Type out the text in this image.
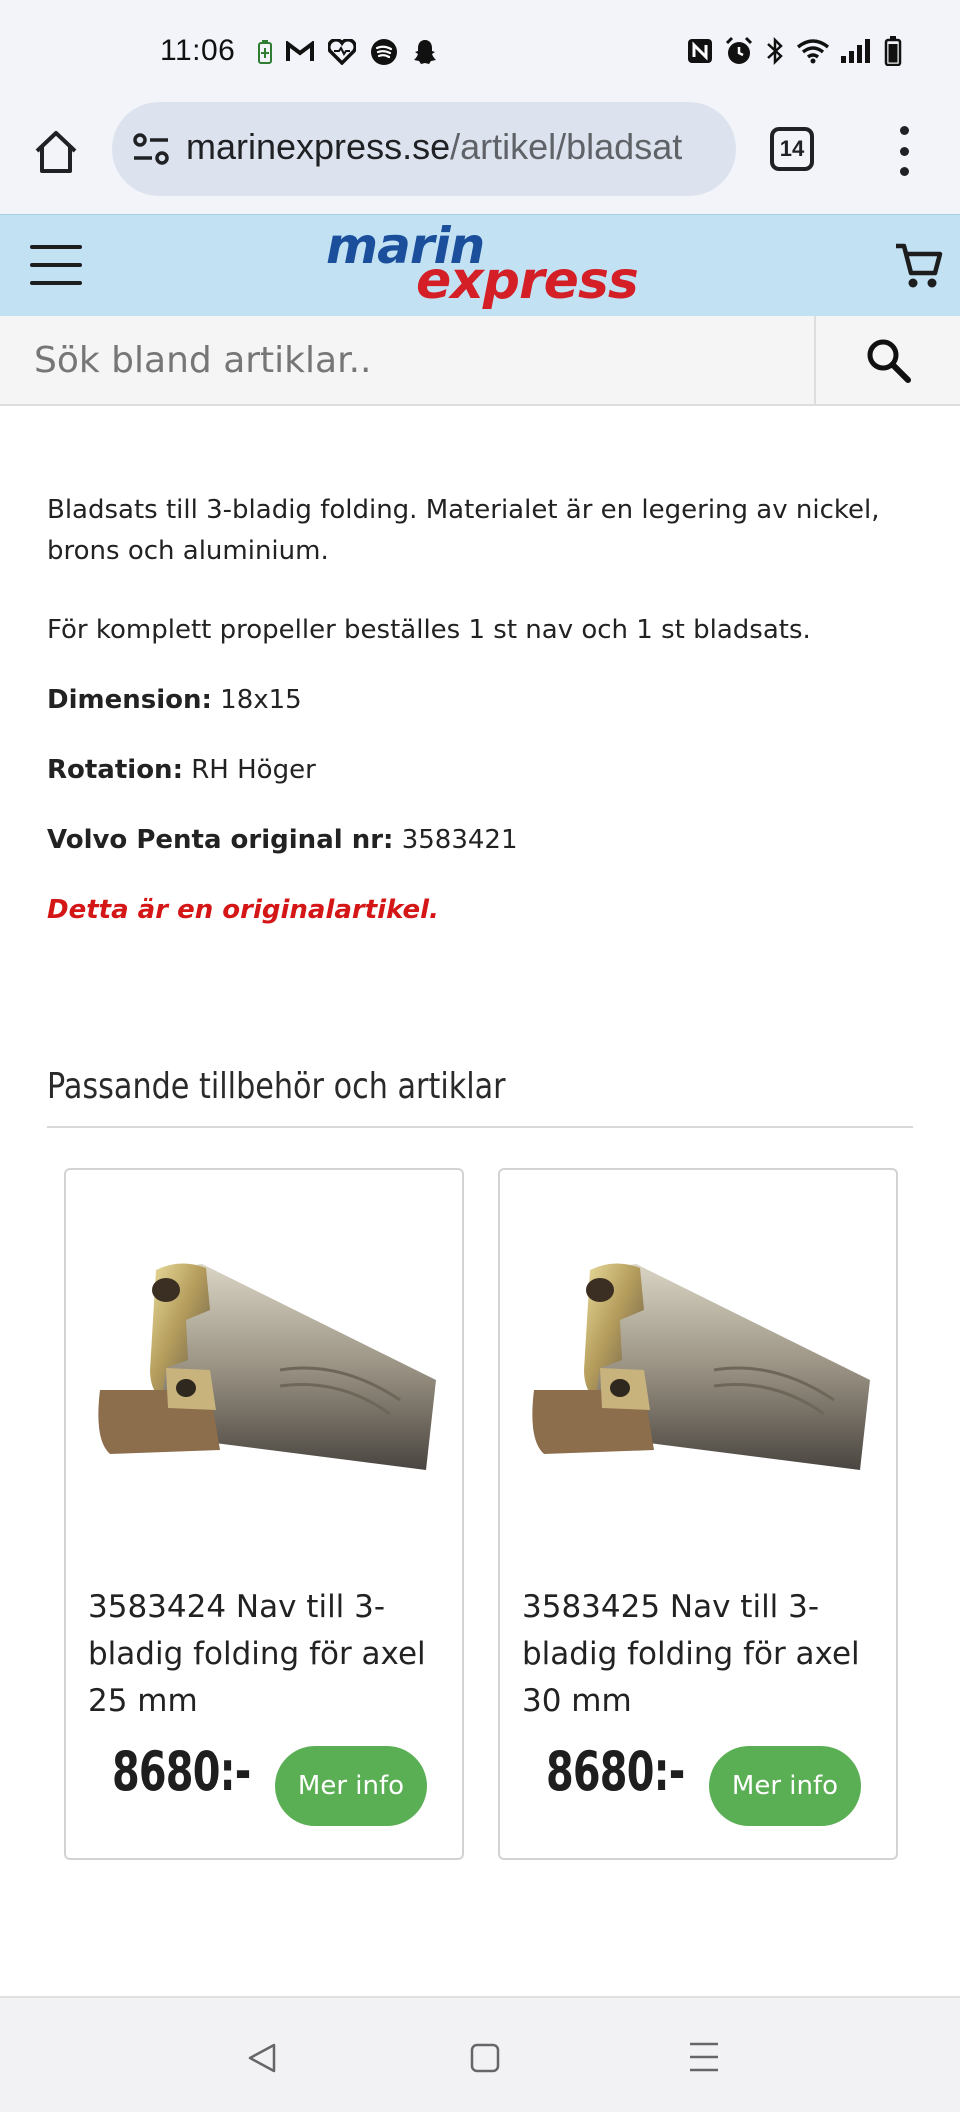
11:06
marinexpress.se/artikel/bladsat	14
marin
express
Sök bland artiklar..

Bladsats till 3-bladig folding. Materialet är en legering av nickel, brons och aluminium.

För komplett propeller beställes 1 st nav och 1 st bladsats.

Dimension: 18x15

Rotation: RH Höger

Volvo Penta original nr: 3583421

Detta är en originalartikel.

Passande tillbehör och artiklar
3583424 Nav till 3-bladig folding för axel 25 mm
8680:-	Mer info
3583425 Nav till 3-bladig folding för axel 30 mm
8680:-	Mer info
